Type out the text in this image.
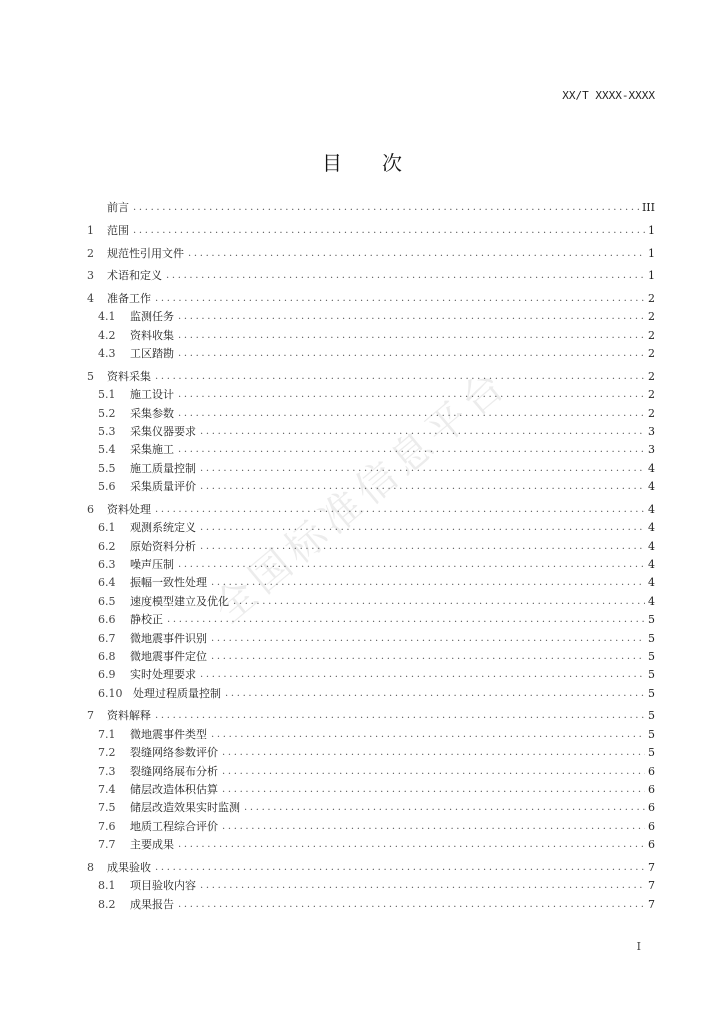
XX/T XXXX-XXXX
目次
全国标准信息平台
前言 . . .	III
1	范围 . . .	1
2	规范性引用文件 . . .	1
3	术语和定义 . . .	1
4	准备工作 . . .	2
4.1	监测任务 . . .	2
4.2	资料收集 . . .	2
4.3	工区踏勘 . . .	2
5	资料采集 . . .	2
5.1	施工设计 . . .	2
5.2	采集参数 . . .	2
5.3	采集仪器要求 . . .	3
5.4	采集施工 . . .	3
5.5	施工质量控制 . . .	4
5.6	采集质量评价 . . .	4
6	资料处理 . . .	4
6.1	观测系统定义 . . .	4
6.2	原始资料分析 . . .	4
6.3	噪声压制 . . .	4
6.4	振幅一致性处理 . . .	4
6.5	速度模型建立及优化 . . .	4
6.6	静校正 . . .	5
6.7	微地震事件识别 . . .	5
6.8	微地震事件定位 . . .	5
6.9	实时处理要求 . . .	5
6.10 处理过程质量控制 . . .	5
7	资料解释 . . .	5
7.1	微地震事件类型 . . .	5
7.2	裂缝网络参数评价 . . .	5
7.3	裂缝网络展布分析 . . .	6
7.4	储层改造体积估算 . . .	6
7.5	储层改造效果实时监测 . . .	6
7.6	地质工程综合评价 . . .	6
7.7	主要成果 . . .	6
8	成果验收 . . .	7
8.1	项目验收内容 . . .	7
8.2	成果报告 . . .	7
I
